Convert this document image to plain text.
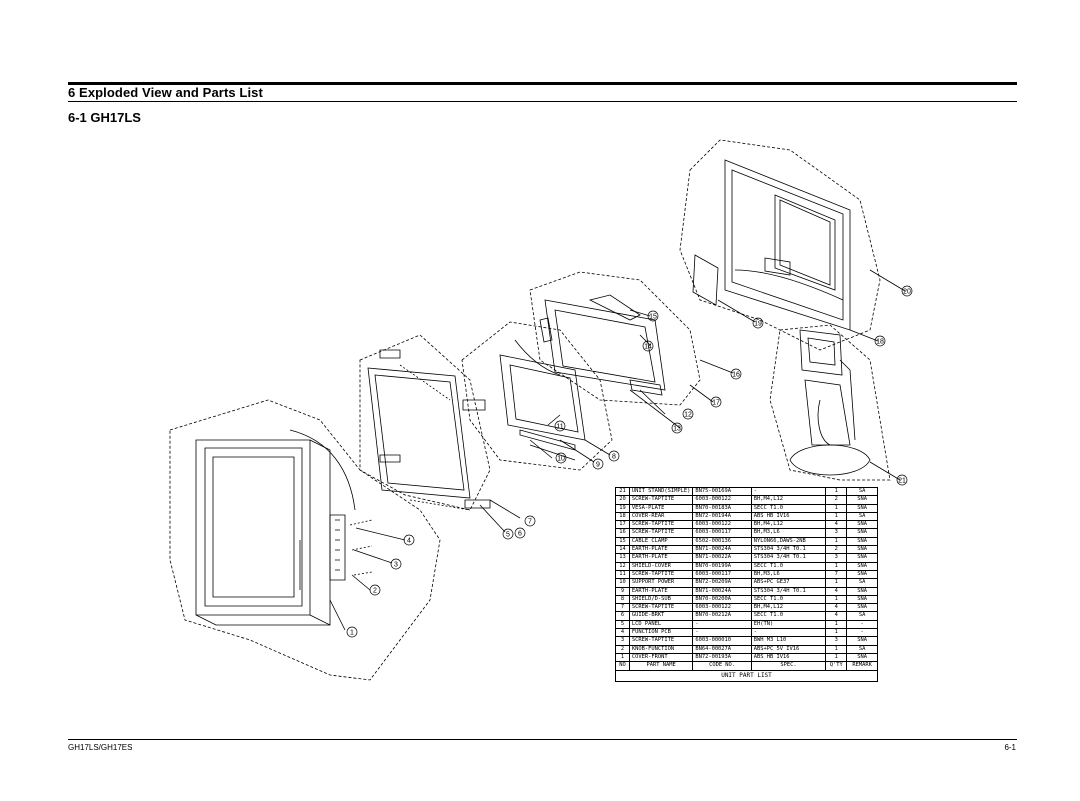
6 Exploded View and Parts List
6-1 GH17LS
1
2
3
4
5 6
7
8
9
10
11
12
13
14
15
16
17
18
19
20
21
21	UNIT STAND(SIMPLE)	BN75-00169A	-	1	SA
20	SCREW-TAPTITE	6003-000122	BH,M4,L12	2	SNA
19	VESA-PLATE	BN70-00183A	SECC T1.0	1	SNA
18	COVER-REAR	BN72-00194A	ABS HB IV16	1	SA
17	SCREW-TAPTITE	6003-000122	BH,M4,L12	4	SNA
16	SCREW-TAPTITE	6003-000117	BH,M3,L6	3	SNA
15	CABLE CLAMP	6502-000136	NYLON66,DAWS-2NB	1	SNA
14	EARTH-PLATE	BN71-00024A	STS304 3/4H T0.1	2	SNA
13	EARTH-PLATE	BN71-00022A	STS304 3/4H T0.1	3	SNA
12	SHIELD-COVER	BN70-00199A	SECC T1.0	1	SNA
11	SCREW-TAPTITE	6003-000117	BH,M3,L6	7	SNA
10	SUPPORT POWER	BN72-00209A	ABS+PC GE37	1	SA
9	EARTH-PLATE	BN71-00024A	STS304 3/4H T0.1	4	SNA
8	SHIELD/D-SUB	BN70-00200A	SECC T1.0	1	SNA
7	SCREW-TAPTITE	6003-000122	BH,M4,L12	4	SNA
6	GUIDE-BRKT	BN70-00212A	SECC T1.0	4	SA
5	LCD PANEL	-	EH(TN)	1	-
4	FUNCTION PCB	-	-	1	-
3	SCREW-TAPTITE	6003-000010	BWH M3 L10	3	SNA
2	KNOB-FUNCTION	BN64-00027A	ABS+PC 5V IV16	1	SA
1	COVER-FRONT	BN72-00193A	ABS HB IV16	1	SNA
NO	PART NAME	CODE NO.	SPEC.	Q'TY	REMARK
UNIT PART LIST					
GH17LS/GH17ES	6-1
